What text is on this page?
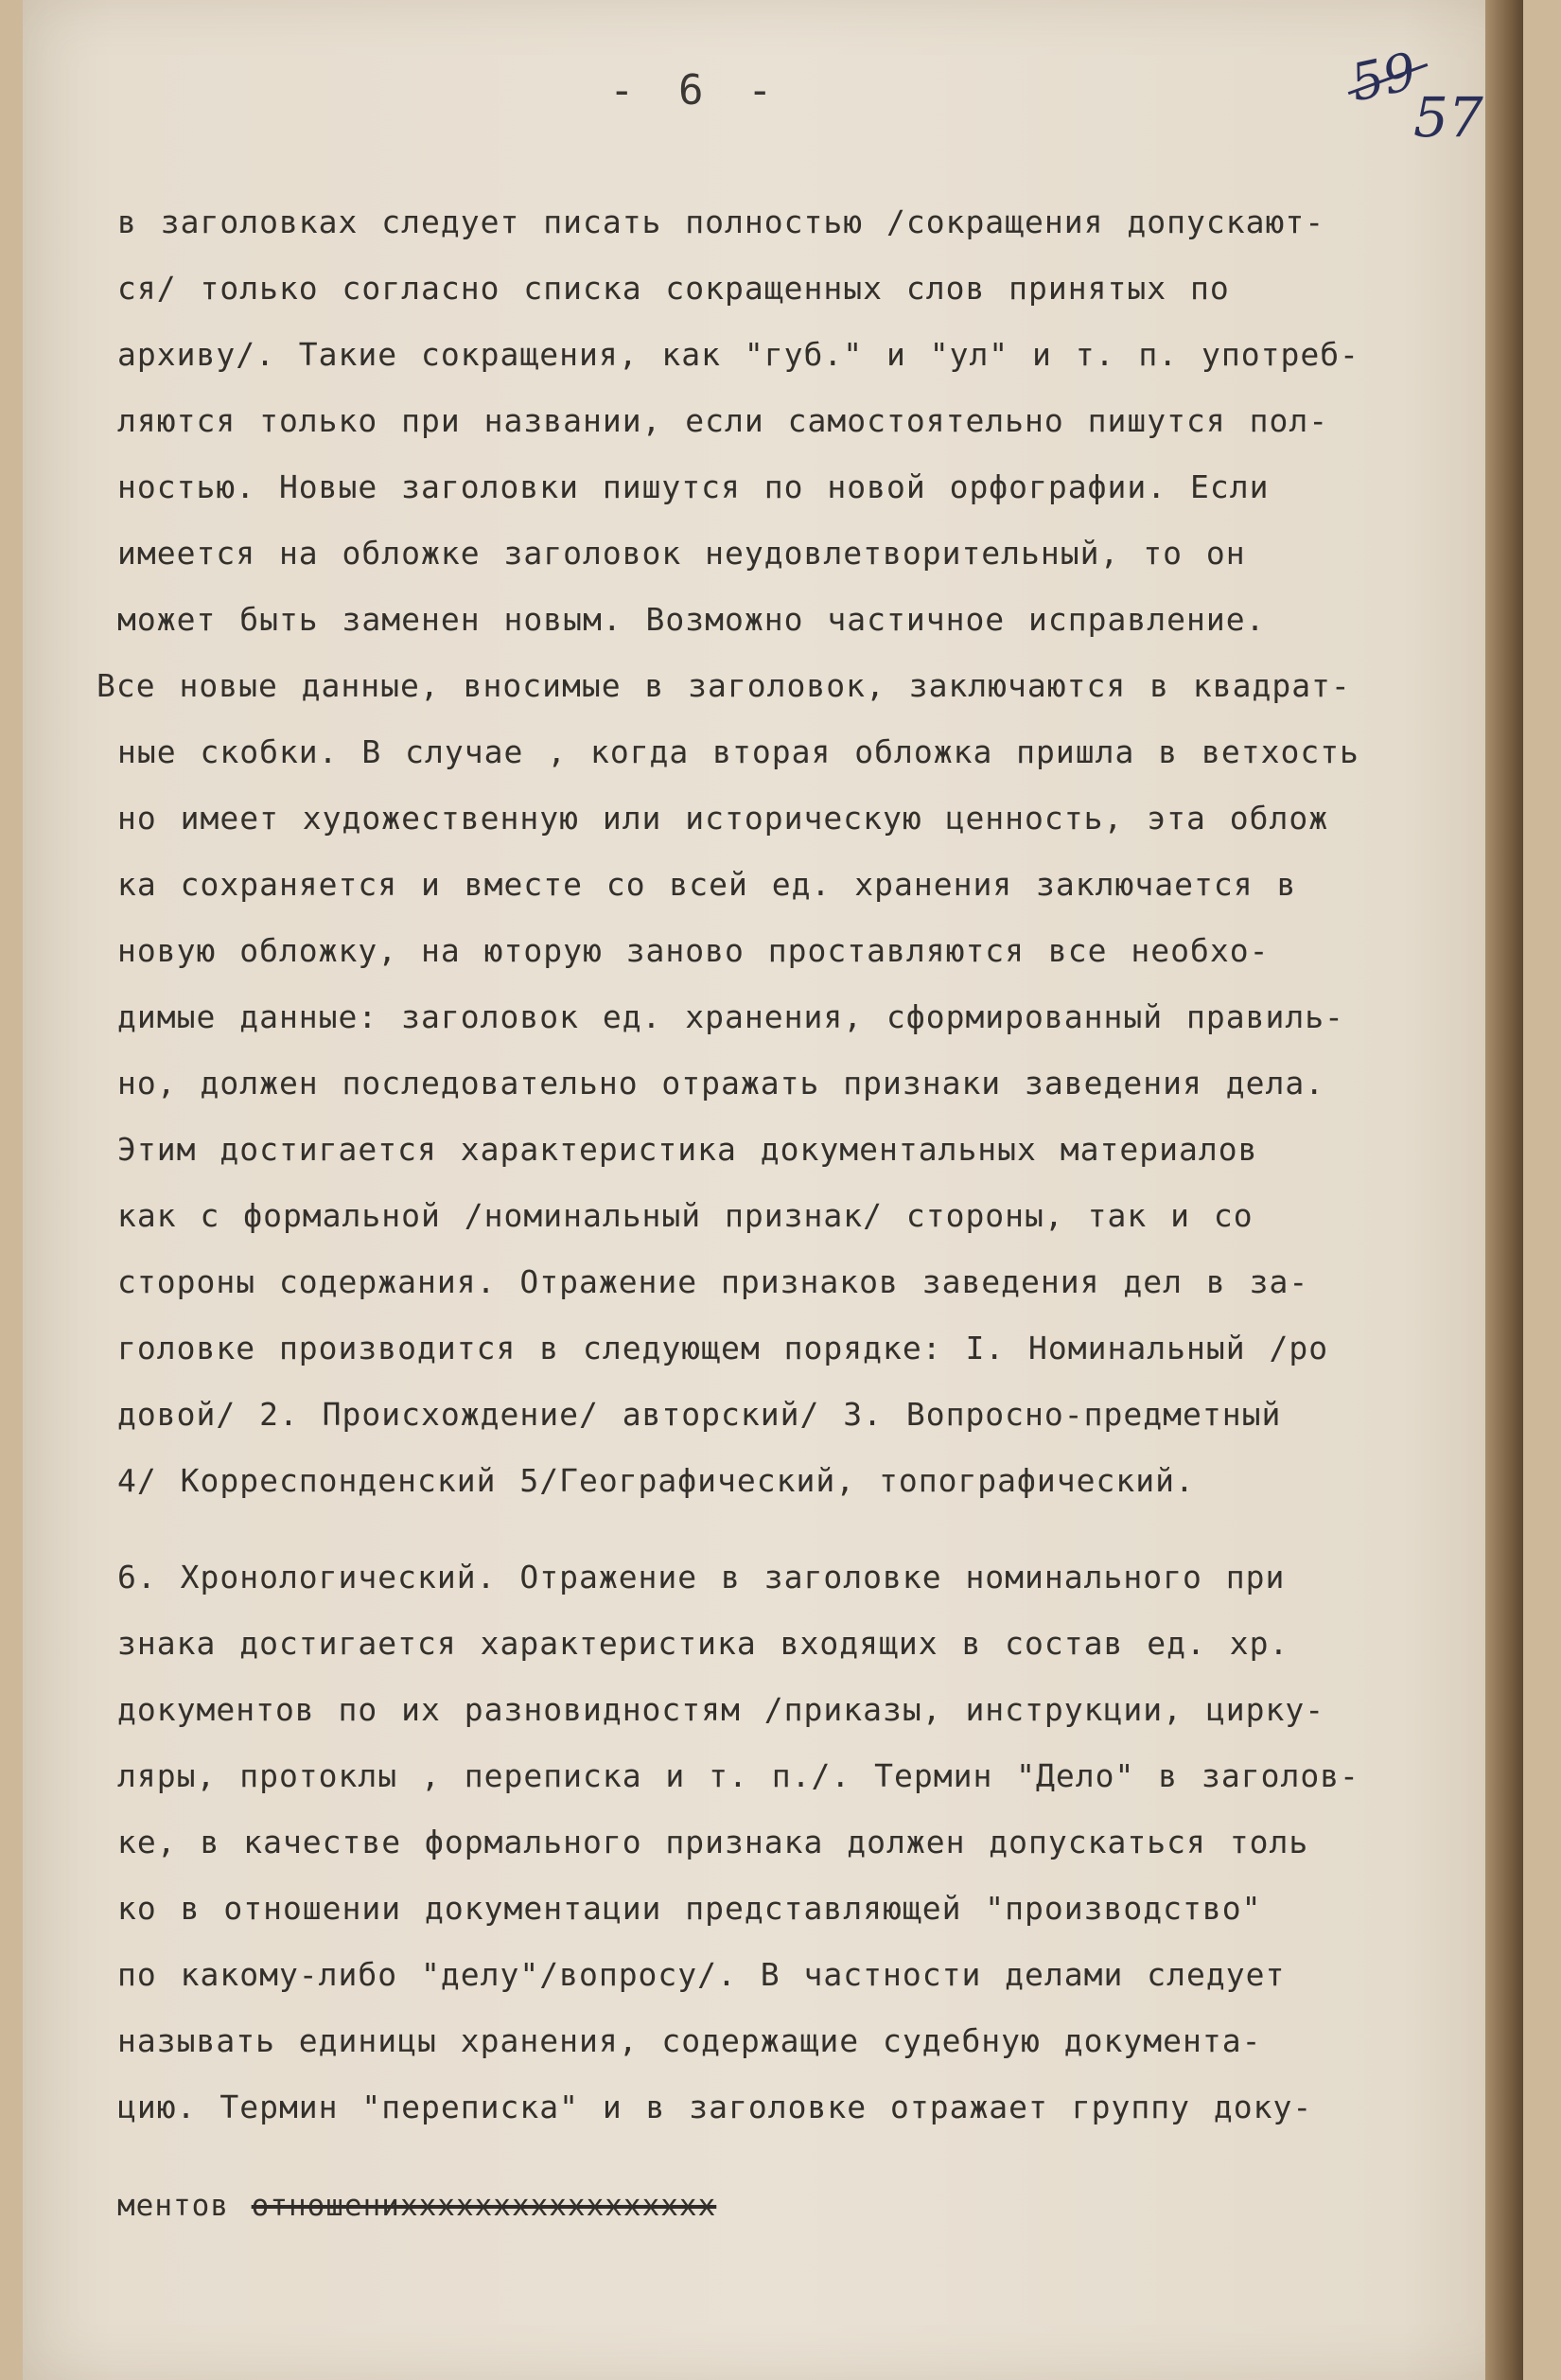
- 6 -	59
57
в заголовках следует писать полностью /сокращения допускают-
ся/ только согласно списка сокращенных слов принятых по
архиву/. Такие сокращения, как "губ." и "ул" и т. п. употреб-
ляются только при названии, если самостоятельно пишутся пол-
ностью. Новые заголовки пишутся по новой орфографии. Если
имеется на обложке заголовок неудовлетворительный, то он
может быть заменен новым. Возможно частичное исправление.
Все новые данные, вносимые в заголовок, заключаются в квадрат-
ные скобки. В случае , когда вторая обложка пришла в ветхость
но имеет художественную или историческую ценность, эта облож
ка сохраняется и вместе со всей ед. хранения заключается в
новую обложку, на юторую заново проставляются все необхо-
димые данные: заголовок ед. хранения, сформированный правиль-
но, должен последовательно отражать признаки заведения дела.
Этим достигается характеристика документальных материалов
как с формальной /номинальный признак/ стороны, так и со
стороны содержания. Отражение признаков заведения дел в за-
головке производится в следующем порядке: I. Номинальный /ро
довой/ 2. Происхождение/ авторский/ 3. Вопросно-предметный
4/ Корреспонденский 5/Географический, топографический.
6. Хронологический. Отражение в заголовке номинального при
знака достигается характеристика входящих в состав ед. хр.
документов по их разновидностям /приказы, инструкции, цирку-
ляры, протоклы , переписка и т. п./. Термин "Дело" в заголов-
ке, в качестве формального признака должен допускаться толь
ко в отношении документации представляющей "производство"
по какому-либо "делу"/вопросу/. В частности делами следует
называть единицы хранения, содержащие судебную документа-
цию. Термин "переписка" и в заголовке отражает группу доку-
ментов отношениххххххххххххххххх
